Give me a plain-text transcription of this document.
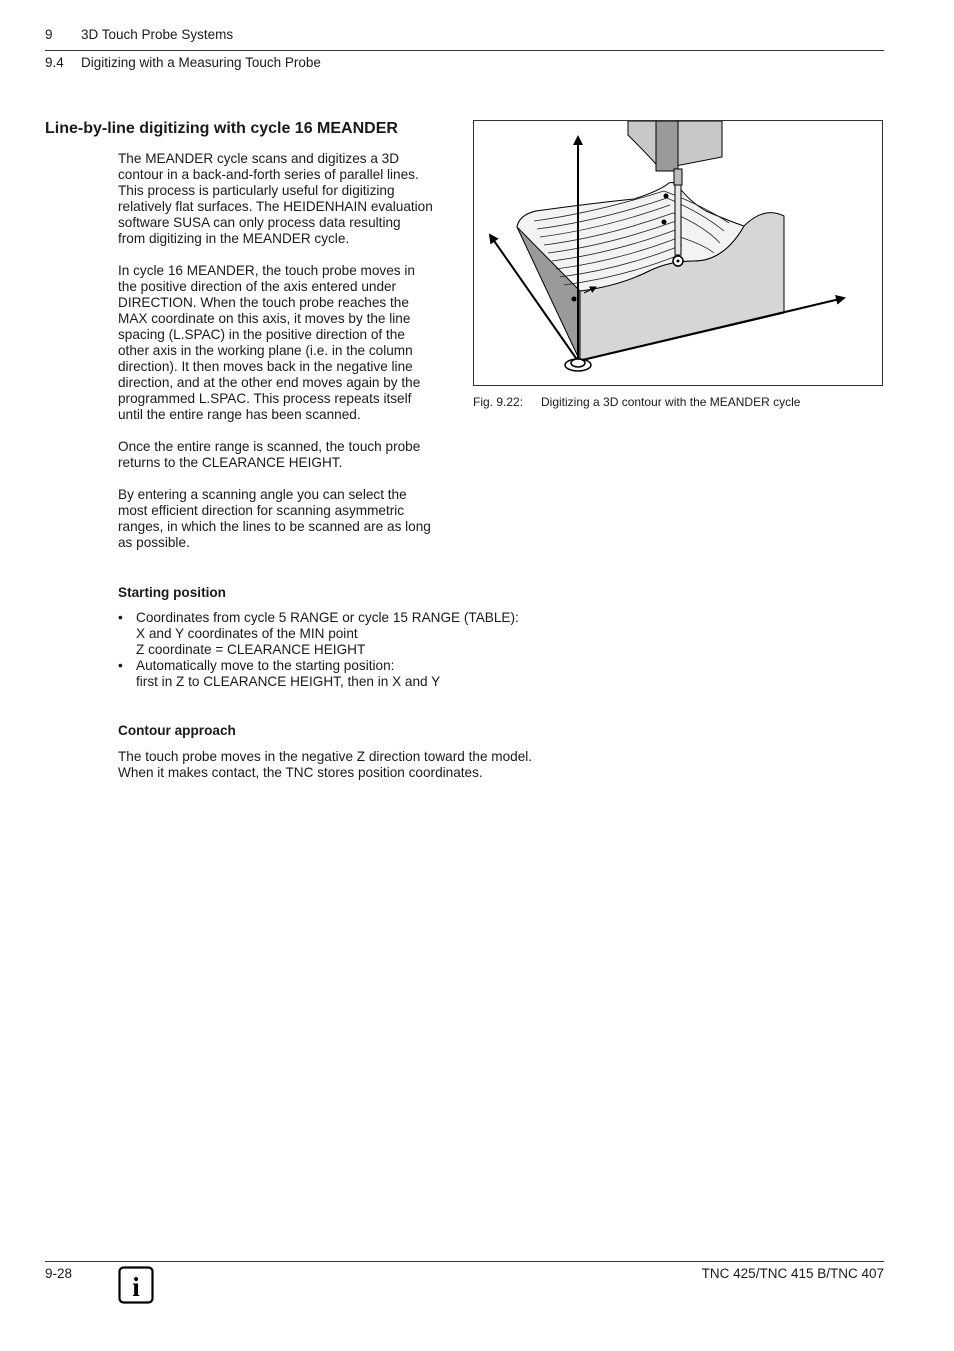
9 3D Touch Probe Systems
9.4 Digitizing with a Measuring Touch Probe
Line-by-line digitizing with cycle 16 MEANDER

The MEANDER cycle scans and digitizes a 3D
contour in a back-and-forth series of parallel lines.
This process is particularly useful for digitizing
relatively flat surfaces. The HEIDENHAIN evaluation
software SUSA can only process data resulting
from digitizing in the MEANDER cycle.

In cycle 16 MEANDER, the touch probe moves in
the positive direction of the axis entered under
DIRECTION. When the touch probe reaches the
MAX coordinate on this axis, it moves by the line
spacing (L.SPAC) in the positive direction of the
other axis in the working plane (i.e. in the column
direction). It then moves back in the negative line
direction, and at the other end moves again by the
programmed L.SPAC. This process repeats itself
until the entire range has been scanned.

Once the entire range is scanned, the touch probe
returns to the CLEARANCE HEIGHT.

By entering a scanning angle you can select the
most efficient direction for scanning asymmetric
ranges, in which the lines to be scanned are as long
as possible.

Fig. 9.22: Digitizing a 3D contour with the MEANDER cycle
Starting position
• Coordinates from cycle 5 RANGE or cycle 15 RANGE (TABLE):
X and Y coordinates of the MIN point
Z coordinate = CLEARANCE HEIGHT
• Automatically move to the starting position:
first in Z to CLEARANCE HEIGHT, then in X and Y
Contour approach
The touch probe moves in the negative Z direction toward the model.
When it makes contact, the TNC stores position coordinates.
9-28	TNC 425/TNC 415 B/TNC 407
i
